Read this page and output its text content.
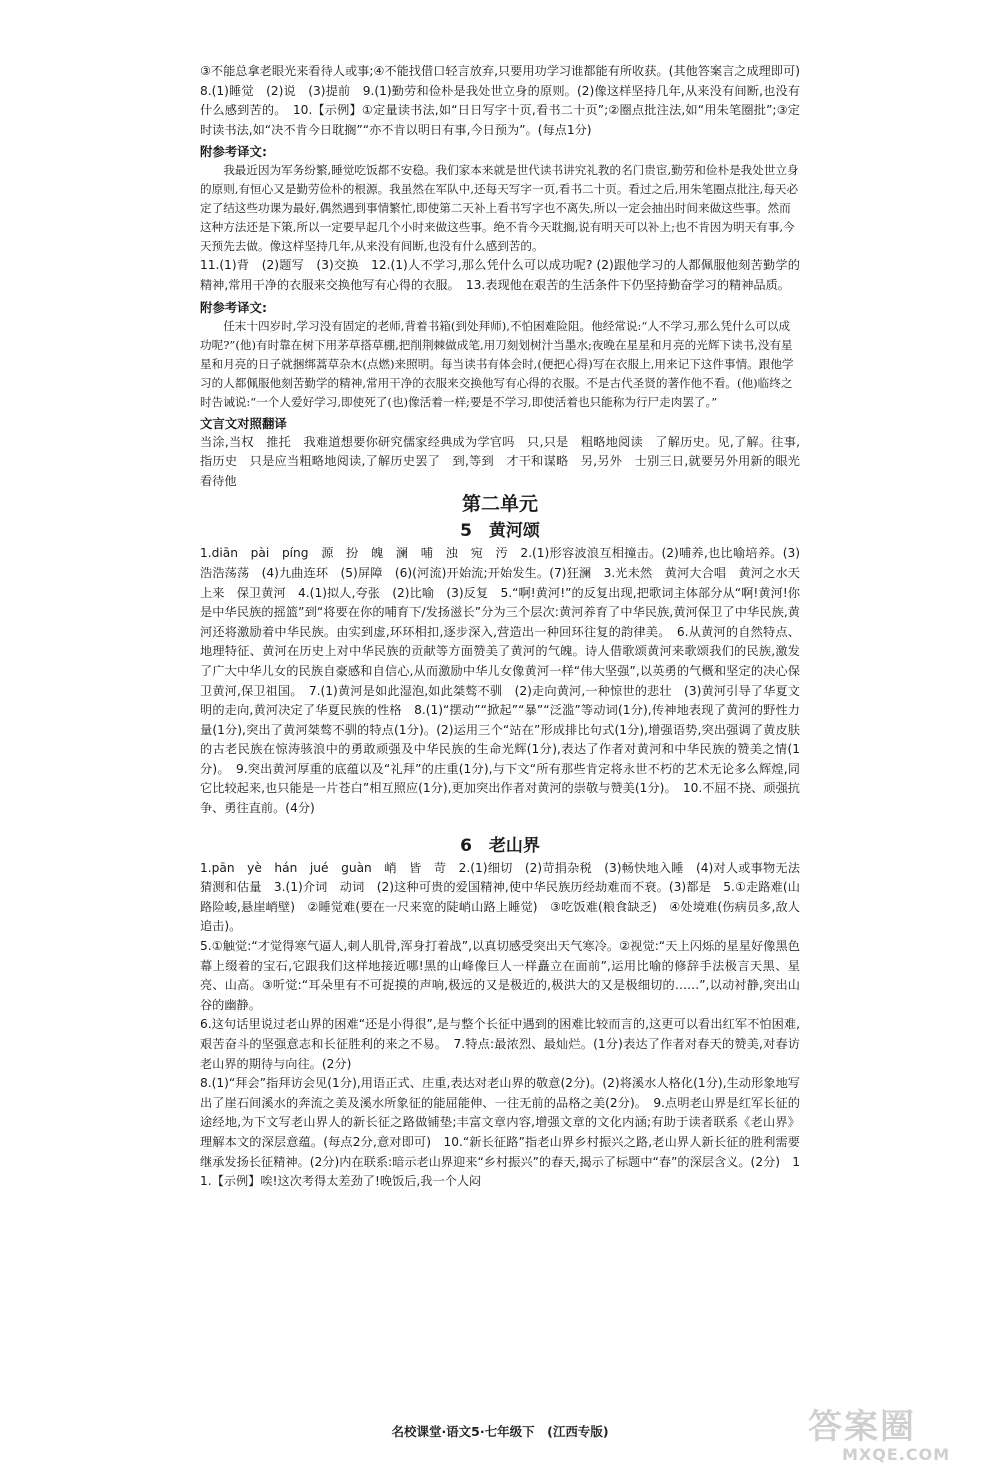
③不能总拿老眼光来看待人或事;④不能找借口轻言放弃,只要用功学习谁都能有所收获。(其他答案言之成理即可)　8.(1)睡觉　(2)说　(3)提前　9.(1)勤劳和俭朴是我处世立身的原则。(2)像这样坚持几年,从来没有间断,也没有什么感到苦的。　10.【示例】①定量读书法,如“日日写字十页,看书二十页”;②圈点批注法,如“用朱笔圈批”;③定时读书法,如“决不肯今日耽搁”“亦不肯以明日有事,今日预为”。(每点1分)

附参考译文:

我最近因为军务纷繁,睡觉吃饭都不安稳。我们家本来就是世代读书讲究礼教的名门贵宦,勤劳和俭朴是我处世立身的原则,有恒心又是勤劳俭朴的根源。我虽然在军队中,还每天写字一页,看书二十页。看过之后,用朱笔圈点批注,每天必定了结这些功课为最好,偶然遇到事情繁忙,即使第二天补上看书写字也不离失,所以一定会抽出时间来做这些事。然而这种方法还是下策,所以一定要早起几个小时来做这些事。绝不肯今天耽搁,说有明天可以补上;也不肯因为明天有事,今天预先去做。像这样坚持几年,从来没有间断,也没有什么感到苦的。

11.(1)背　(2)题写　(3)交换　12.(1)人不学习,那么凭什么可以成功呢? (2)跟他学习的人都佩服他刻苦勤学的精神,常用干净的衣服来交换他写有心得的衣服。　13.表现他在艰苦的生活条件下仍坚持勤奋学习的精神品质。

附参考译文:

任末十四岁时,学习没有固定的老师,背着书箱(到处拜师),不怕困难险阻。他经常说:“人不学习,那么凭什么可以成功呢?”(他)有时靠在树下用茅草搭草棚,把削荆棘做成笔,用刀刻划树汁当墨水;夜晚在星星和月亮的光辉下读书,没有星星和月亮的日子就捆绑蒿草杂木(点燃)来照明。每当读书有体会时,(便把心得)写在衣服上,用来记下这件事情。跟他学习的人都佩服他刻苦勤学的精神,常用干净的衣服来交换他写有心得的衣服。不是古代圣贤的著作他不看。(他)临终之时告诫说:“一个人爱好学习,即使死了(也)像活着一样;要是不学习,即使活着也只能称为行尸走肉罢了。”

文言文对照翻译

当涂,当权　推托　我难道想要你研究儒家经典成为学官吗　只,只是　粗略地阅读　了解历史。见,了解。往事,指历史　只是应当粗略地阅读,了解历史罢了　到,等到　才干和谋略　另,另外　士别三日,就要另外用新的眼光看待他

第二单元

5　黄河颂

1.diān　pài　píng　源　扮　魄　澜　哺　浊　宛　汚　2.(1)形容波浪互相撞击。(2)哺养,也比喻培养。(3)浩浩荡荡　(4)九曲连环　(5)屏障　(6)(河流)开始流;开始发生。(7)狂澜　3.光未然　黄河大合唱　黄河之水天上来　保卫黄河　4.(1)拟人,夸张　(2)比喻　(3)反复　5.“啊!黄河!”的反复出现,把歌词主体部分从“啊!黄河!你是中华民族的摇篮”到“将要在你的哺育下/发扬滋长”分为三个层次:黄河养育了中华民族,黄河保卫了中华民族,黄河还将激励着中华民族。由实到虚,环环相扣,逐步深入,营造出一种回环往复的韵律美。　6.从黄河的自然特点、地理特征、黄河在历史上对中华民族的贡献等方面赞美了黄河的气魄。诗人借歌颂黄河来歌颂我们的民族,激发了广大中华儿女的民族自豪感和自信心,从而激励中华儿女像黄河一样“伟大坚强”,以英勇的气概和坚定的决心保卫黄河,保卫祖国。　7.(1)黄河是如此湿泡,如此桀骜不驯　(2)走向黄河,一种惊世的悲壮　(3)黄河引导了华夏文明的走向,黄河决定了华夏民族的性格　8.(1)“摆动”“掀起”“暴”“泛滥”等动词(1分),传神地表现了黄河的野性力量(1分),突出了黄河桀骜不驯的特点(1分)。(2)运用三个“站在”形成排比句式(1分),增强语势,突出强调了黄皮肤的古老民族在惊涛骇浪中的勇敢顽强及中华民族的生命光辉(1分),表达了作者对黄河和中华民族的赞美之情(1分)。　9.突出黄河厚重的底蕴以及“礼拜”的庄重(1分),与下文“所有那些肯定将永世不朽的艺术无论多么辉煌,同它比较起来,也只能是一片苍白”相互照应(1分),更加突出作者对黄河的崇敬与赞美(1分)。　10.不屈不挠、顽强抗争、勇往直前。(4分)

6　老山界

1.pān　yè　hán　jué　guàn　峭　皆　苛　2.(1)细切　(2)苛捐杂税　(3)畅快地入睡　(4)对人或事物无法猜测和估量　3.(1)介词　动词　(2)这种可贵的爱国精神,使中华民族历经劫难而不衰。(3)都是　5.①走路难(山路险峻,悬崖峭壁)　②睡觉难(要在一尺来宽的陡峭山路上睡觉)　③吃饭难(粮食缺乏)　④处境难(伤病员多,敌人追击)。

5.①触觉:“才觉得寒气逼人,刺人肌骨,浑身打着战”,以真切感受突出天气寒冷。②视觉:“天上闪烁的星星好像黑色幕上缀着的宝石,它跟我们这样地接近哪!黑的山峰像巨人一样矗立在面前”,运用比喻的修辞手法极言天黑、星亮、山高。③听觉:“耳朵里有不可捉摸的声响,极远的又是极近的,极洪大的又是极细切的……”,以动衬静,突出山谷的幽静。

6.这句话里说过老山界的困难“还是小得很”,是与整个长征中遇到的困难比较而言的,这更可以看出红军不怕困难,艰苦奋斗的坚强意志和长征胜利的来之不易。　7.特点:最浓烈、最灿烂。(1分)表达了作者对春天的赞美,对春访老山界的期待与向往。(2分)

8.(1)“拜会”指拜访会见(1分),用语正式、庄重,表达对老山界的敬意(2分)。(2)将溪水人格化(1分),生动形象地写出了崖石间溪水的奔流之美及溪水所象征的能屈能伸、一往无前的品格之美(2分)。　9.点明老山界是红军长征的途经地,为下文写老山界人的新长征之路做铺垫;丰富文章内容,增强文章的文化内涵;有助于读者联系《老山界》理解本文的深层意蕴。(每点2分,意对即可)　10.“新长征路”指老山界乡村振兴之路,老山界人新长征的胜利需要继承发扬长征精神。(2分)内在联系:暗示老山界迎来“乡村振兴”的春天,揭示了标题中“春”的深层含义。(2分)　11.【示例】唉!这次考得太差劲了!晚饭后,我一个人闷

名校课堂·语文5·七年级下　(江西专版)	答案圈
MXQE.COM
